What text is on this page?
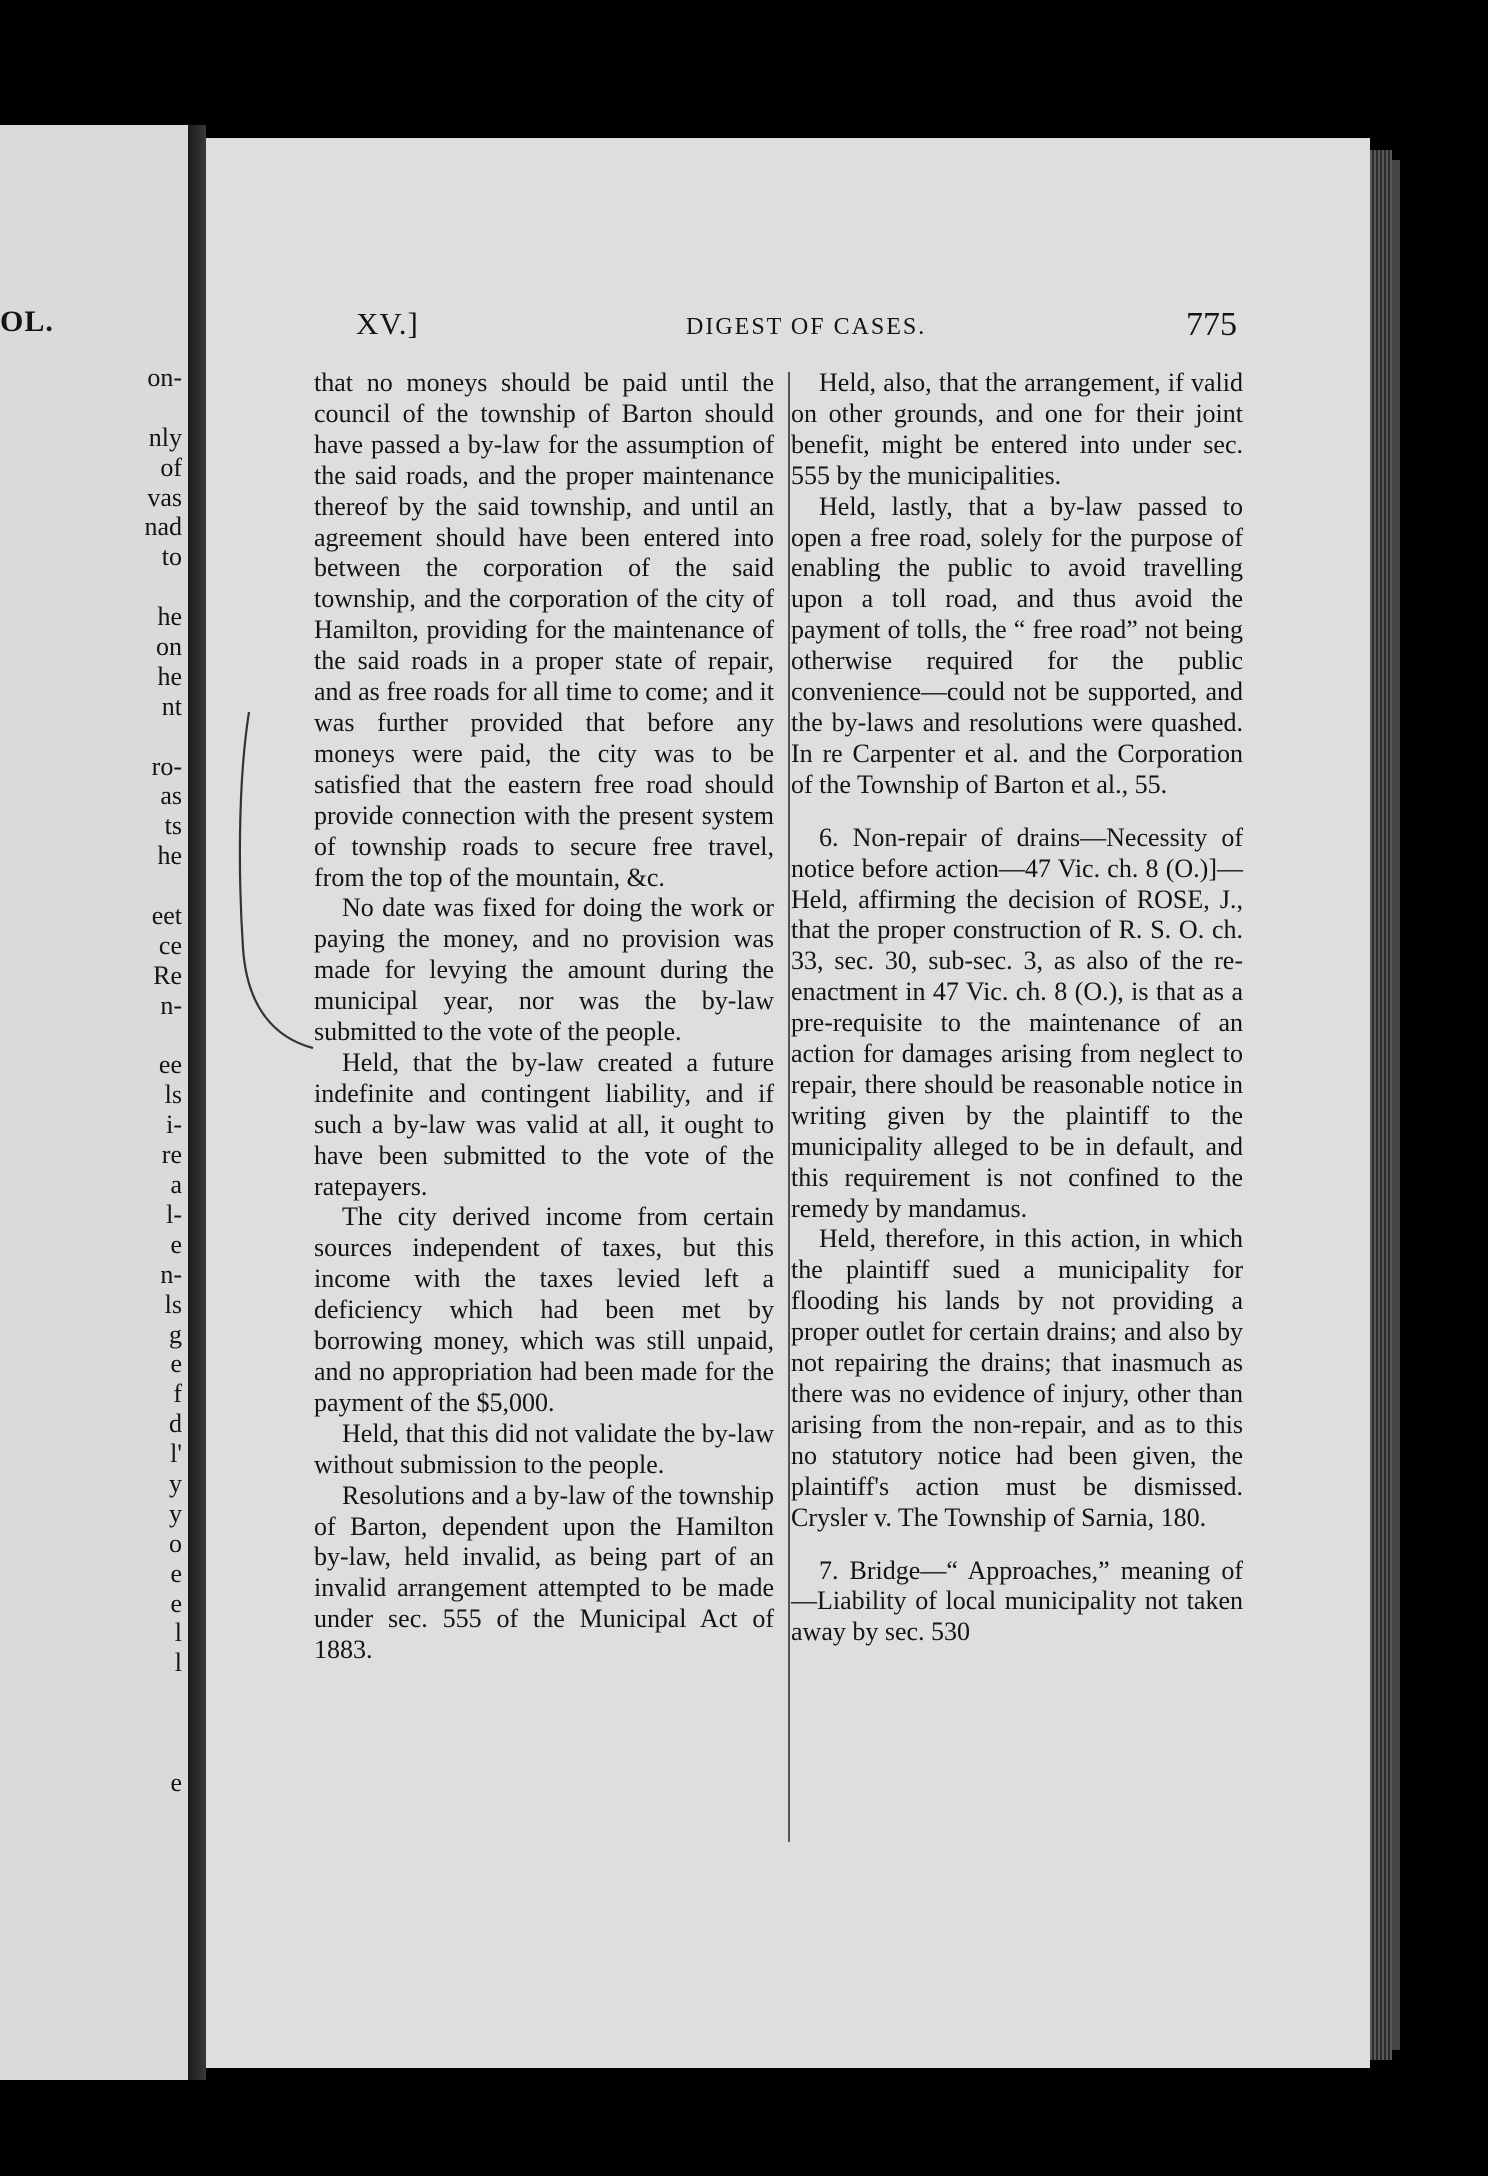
OL.
on-
nly
of
vas
nad
to
he
on
he
nt
ro-
as
ts
he
eet
ce
Re
n-
ee
ls
i-
re
a
l-
e
n-
ls
g
e
f
d
l'
y
y
o
e
e
l
l
e
XV.]	DIGEST OF CASES.	775

that no moneys should be paid until the council of the township of Barton should have passed a by-law for the assumption of the said roads, and the proper maintenance thereof by the said township, and until an agreement should have been entered into between the corporation of the said township, and the corporation of the city of Hamilton, providing for the maintenance of the said roads in a proper state of repair, and as free roads for all time to come; and it was further provided that before any moneys were paid, the city was to be satisfied that the eastern free road should provide connection with the present system of township roads to secure free travel, from the top of the mountain, &c.

No date was fixed for doing the work or paying the money, and no provision was made for levying the amount during the municipal year, nor was the by-law submitted to the vote of the people.

Held, that the by-law created a future indefinite and contingent liability, and if such a by-law was valid at all, it ought to have been submitted to the vote of the ratepayers.

The city derived income from certain sources independent of taxes, but this income with the taxes levied left a deficiency which had been met by borrowing money, which was still unpaid, and no appropriation had been made for the payment of the $5,000.

Held, that this did not validate the by-law without submission to the people.

Resolutions and a by-law of the township of Barton, dependent upon the Hamilton by-law, held invalid, as being part of an invalid arrangement attempted to be made under sec. 555 of the Municipal Act of 1883.

Held, also, that the arrangement, if valid on other grounds, and one for their joint benefit, might be entered into under sec. 555 by the municipalities.

Held, lastly, that a by-law passed to open a free road, solely for the purpose of enabling the public to avoid travelling upon a toll road, and thus avoid the payment of tolls, the “ free road” not being otherwise required for the public convenience—could not be supported, and the by-laws and resolutions were quashed. In re Carpenter et al. and the Corporation of the Township of Barton et al., 55.

6. Non-repair of drains—Necessity of notice before action—47 Vic. ch. 8 (O.)]—Held, affirming the decision of ROSE, J., that the proper construction of R. S. O. ch. 33, sec. 30, sub-sec. 3, as also of the re-enactment in 47 Vic. ch. 8 (O.), is that as a pre-requisite to the maintenance of an action for damages arising from neglect to repair, there should be reasonable notice in writing given by the plaintiff to the municipality alleged to be in default, and this requirement is not confined to the remedy by mandamus.

Held, therefore, in this action, in which the plaintiff sued a municipality for flooding his lands by not providing a proper outlet for certain drains; and also by not repairing the drains; that inasmuch as there was no evidence of injury, other than arising from the non-repair, and as to this no statutory notice had been given, the plaintiff's action must be dismissed. Crysler v. The Township of Sarnia, 180.

7. Bridge—“ Approaches,” meaning of—Liability of local municipality not taken away by sec. 530
